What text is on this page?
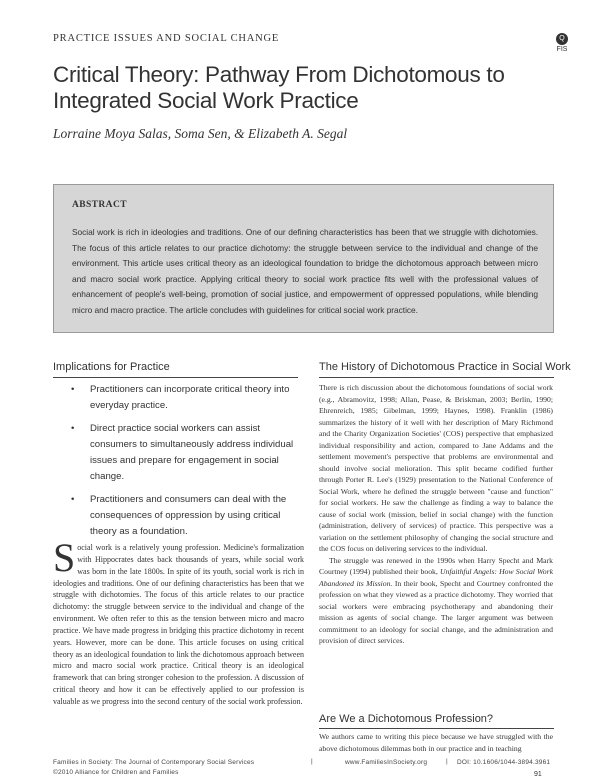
PRACTICE ISSUES AND SOCIAL CHANGE	Q
FIS
Critical Theory: Pathway From Dichotomous to Integrated Social Work Practice
Lorraine Moya Salas, Soma Sen, & Elizabeth A. Segal
ABSTRACT
Social work is rich in ideologies and traditions. One of our defining characteristics has been that we struggle with dichotomies. The focus of this article relates to our practice dichotomy: the struggle between service to the individual and change of the environment. This article uses critical theory as an ideological foundation to bridge the dichotomous approach between micro and macro social work practice. Applying critical theory to social work practice fits well with the professional values of enhancement of people's well-being, promotion of social justice, and empowerment of oppressed populations, while blending micro and macro practice. The article concludes with guidelines for critical social work practice.
Implications for Practice
• Practitioners can incorporate critical theory into everyday practice.
• Direct practice social workers can assist consumers to simultaneously address individual issues and prepare for engagement in social change.
• Practitioners and consumers can deal with the consequences of oppression by using critical theory as a foundation.
Social work is a relatively young profession. Medicine's formalization with Hippocrates dates back thousands of years, while social work was born in the late 1800s. In spite of its youth, social work is rich in ideologies and traditions. One of our defining characteristics has been that we struggle with dichotomies. The focus of this article relates to our practice dichotomy: the struggle between service to the individual and change of the environment. We often refer to this as the tension between micro and macro practice. We have made progress in bridging this practice dichotomy in recent years. However, more can be done. This article focuses on using critical theory as an ideological foundation to link the dichotomous approach between micro and macro social work practice. Critical theory is an ideological framework that can bring stronger cohesion to the profession. A discussion of critical theory and how it can be effectively applied to our profession is valuable as we progress into the second century of the social work profession.
The History of Dichotomous Practice in Social Work

There is rich discussion about the dichotomous foundations of social work (e.g., Abramovitz, 1998; Allan, Pease, & Briskman, 2003; Berlin, 1990; Ehrenreich, 1985; Gibelman, 1999; Haynes, 1998). Franklin (1986) summarizes the history of it well with her description of Mary Richmond and the Charity Organization Societies' (COS) perspective that emphasized individual responsibility and action, compared to Jane Addams and the settlement movement's perspective that problems are environmental and should involve social melioration. This split became codified further through Porter R. Lee's (1929) presentation to the National Conference of Social Work, where he defined the struggle between "cause and function" for social workers. He saw the challenge as finding a way to balance the cause of social work (mission, belief in social change) with the function (administration, delivery of services) of practice. This perspective was a variation on the settlement philosophy of changing the social structure and the COS focus on delivering services to the individual.

The struggle was renewed in the 1990s when Harry Specht and Mark Courtney (1994) published their book, Unfaithful Angels: How Social Work Abandoned its Mission. In their book, Specht and Courtney confronted the profession on what they viewed as a practice dichotomy. They worried that social workers were embracing psychotherapy and abandoning their mission as agents of social change. The larger argument was between commitment to an ideology for social change, and the administration and provision of direct services.

Are We a Dichotomous Profession?
We authors came to writing this piece because we have struggled with the above dichotomous dilemmas both in our practice and in teaching
Families in Society: The Journal of Contemporary Social Services
©2010 Alliance for Children and Families
|	www.FamiliesInSociety.org	| DOI: 10.1606/1044-3894.3961
91
